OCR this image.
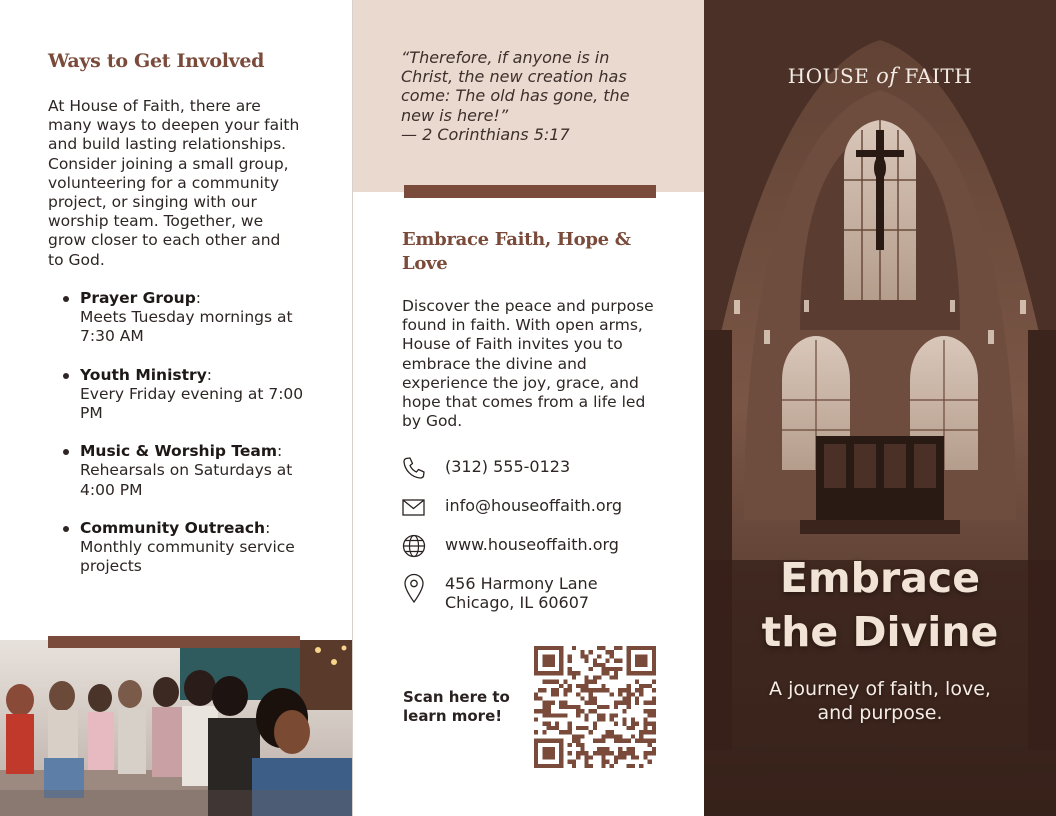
Ways to Get Involved

At House of Faith, there are many ways to deepen your faith and build lasting relationships. Consider joining a small group, volunteering for a community project, or singing with our worship team. Together, we grow closer to each other and to God.

Prayer Group:
Meets Tuesday mornings at 7:30 AM
Youth Ministry:
Every Friday evening at 7:00 PM
Music & Worship Team:
Rehearsals on Saturdays at 4:00 PM
Community Outreach:
Monthly community service projects

“Therefore, if anyone is in Christ, the new creation has come: The old has gone, the new is here!”
— 2 Corinthians 5:17

Embrace Faith, Hope & Love

Discover the peace and purpose found in faith. With open arms, House of Faith invites you to embrace the divine and experience the joy, grace, and hope that comes from a life led by God.

(312) 555-0123
info@houseoffaith.org
www.houseoffaith.org
456 Harmony Lane
Chicago, IL 60607
Scan here to
learn more!
HOUSE of FAITH
Embrace
the Divine

A journey of faith, love,
and purpose.
